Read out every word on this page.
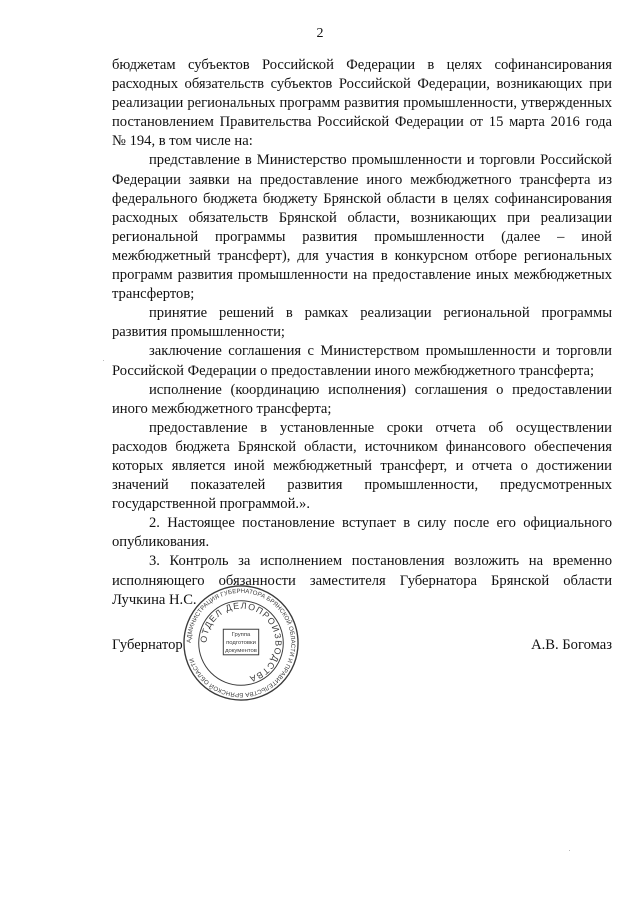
2

бюджетам субъектов Российской Федерации в целях софинансирования расходных обязательств субъектов Российской Федерации, возникающих при реализации региональных программ развития промышленности, утвержденных постановлением Правительства Российской Федерации от 15 марта 2016 года № 194, в том числе на:

представление в Министерство промышленности и торговли Российской Федерации заявки на предоставление иного межбюджетного трансферта из федерального бюджета бюджету Брянской области в целях софинансирования расходных обязательств Брянской области, возникающих при реализации региональной программы развития промышленности (далее – иной межбюджетный трансферт), для участия в конкурсном отборе региональных программ развития промышленности на предоставление иных межбюджетных трансфертов;

принятие решений в рамках реализации региональной программы развития промышленности;

заключение соглашения с Министерством промышленности и торговли Российской Федерации о предоставлении иного межбюджетного трансферта;

исполнение (координацию исполнения) соглашения о предоставлении иного межбюджетного трансферта;

предоставление в установленные сроки отчета об осуществлении расходов бюджета Брянской области, источником финансового обеспечения которых является иной межбюджетный трансферт, и отчета о достижении значений показателей развития промышленности, предусмотренных государственной программой.».

2. Настоящее постановление вступает в силу после его официального опубликования.

3. Контроль за исполнением постановления возложить на временно исполняющего обязанности заместителя Губернатора Брянской области Лучкина Н.С.

Губернатор	А.В. Богомаз
АДМИНИСТРАЦИЯ ГУБЕРНАТОРА БРЯНСКОЙ ОБЛАСТИ И ПРАВИТЕЛЬСТВА БРЯНСКОЙ ОБЛАСТИ
ОТДЕЛ ДЕЛОПРОИЗВОДСТВА
Группа
подготовки
документов
